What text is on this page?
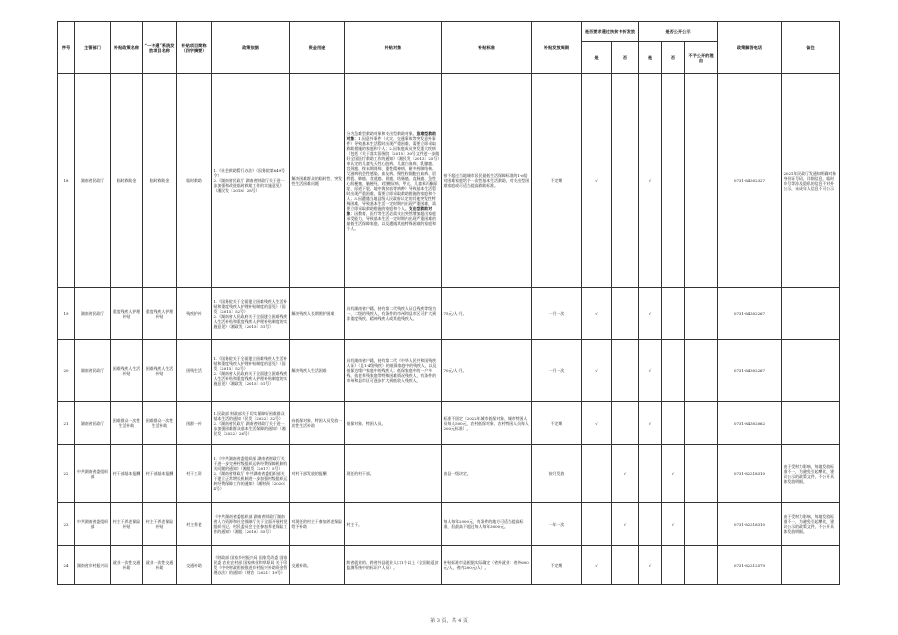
序号	主管部门	补贴政策名称	“一卡通”系统发放项目名称	补贴项目简称（四字摘要）	政策依据	资金用途	补贴对象	补贴标准	补贴发放周期	是否要求通过扶贫卡折发放		是否公开公示			政策解答电话	备注
										是	否	是	否	不予公开的理由		
18	湖南省民政厅	临时救助金	临时救助金	临时救助	1.《社会救助暂行办法》（国务院第649号令）
2.《湖南省民政厅 湖南省财政厅关于进一步加强和改进临时救助工作的实施意见》（湘民发〔2018〕28号）	解决困难群众的临时性、突发性生活困难问题	分为急难型救助对象和支出型救助对象。急难型救助对象：1.因意外事件（火灾、交通事故等突发意外事件）导致基本生活暂时出现严重困难、需要立即采取救助措施的家庭和个人；2.因家庭成员突发重大疾病（包括《关于落实国务院〔2015〕30号文件进一步做好全国医疗救助工作的通知》（湘民发〔2015〕25号）申认定的儿童先天性心脏病、儿童白血病、乳腺癌、宫颈癌、终末期肾病、重性精神病、耐多药肺结核、艾滋病机会性感染、血友病、慢性粒细胞白血病、唇腭裂、肺癌、食道癌、胃癌、结肠癌、直肠癌、急性心肌梗塞、脑梗死、I型糖尿病、甲亢、儿童苯丙酮尿症、尿道下裂、地中海贫血等病种）导致基本生活暂时出现严重困难、需要立即采取救助措施的家庭和个人；3.因遭遇当地县级人民政府认定的其他突发性特殊困难，导致基本生活一定时期内出现严重困难，需要立即采取救助措施的家庭和个人。支出型救助对象：因教育、医疗等生活必需支出突然增加超出家庭承受能力，导致基本生活一定时期内出现严重困难的最低生活保障家庭，以及遭遇其他特殊困难的家庭和个人。	按不超过当地城市居民最低生活保障标准的1-6倍对困难家庭给予一次性基本生活救助，对支出型困难家庭或可适当提高救助标准。	不定期	√		√			0731-84302327	2021年民政厅发通知明确对象身份证号码，详细信息，临时乡号等涉及隐私的信息不对外公示，未成年人信息不可公示
19	湖南省民政厅	重度残疾人护理补贴	重度残疾人护理补贴	残疾护补	1.《国务院关于全面建立困难残疾人生活补贴和重度残疾人护理补贴制度的意见》（国发〔2015〕52号）
2.《湖南省人民政府关于全面建立困难残疾人生活补贴和重度残疾人护理补贴制度的实施意见》（湘政发〔2015〕51号）	解决残疾人长期照护困难	具有湖南省户籍，持有第二代残疾人证且残疾等级为一、二级的残疾人，有条件的市州和县市区可扩大到非重度残疾、精神残疾人或其他残疾人。	75元/人·月。	一月一次	√		√			0731-84302267	
20	湖南省民政厅	困难残疾人生活补贴	困难残疾人生活补贴	困残生活	1.《国务院关于全面建立困难残疾人生活补贴和重度残疾人护理补贴制度的意见》（国发〔2015〕52号）
2.《湖南省人民政府关于全面建立困难残疾人生活补贴和重度残疾人护理补贴制度的实施意见》（湘政发〔2015〕51号）	解决残疾人生活困难	具有湖南省户籍，持有第二代《中华人民共和国残疾人证》（且1-4级残疾）的低保家庭中的残疾人，以及低保边缘户家庭中的残疾人；低保家庭中的一户多残、依老养残家庭等特殊困难情况残疾人，有条件的市州和县市区可逐步扩大到低收入残疾人。	70元/人·月。	一月一次	√		√			0731-84302267	
21	湖南省民政厅	困难群众一次性生活补助	困难群众一次性生活补助	困群一补	1.民政部 财政部关于切实保障好困难群众基本生活的通知（民发〔2022〕32号）
2.《湖南省民政厅 湖南省财政厅关于进一步加强困难群众基本生活保障的通知》（湘民发〔2022〕26号）	向低保对象、特困人员发放一次性生活补助	低保对象、特困人员。	标准不固定（2022年城市低保对象、城市特困人员每人500元，农村低保对象、农村特困人员每人200元标准）。	不定期	√		√			0731-84302062	
22	中共湖南省委组织部	村干部基本报酬	村干部基本报酬	村干工资	1.《中共湖南省委组织部 湖南省财政厅关于进一步完善村级组织运转经费保障机制有关问题的通知》（湘组发〔2017〕5号）
2.《湖南省财政厅 中共湖南省委组织部关于建立正常增长机制进一步加强村级组织运转经费保障工作的通知》（湘财预〔2020〕4号）	对村干部发放的报酬	现任的村干部。	由县一级决定。	按月发放		√		√		0731-82218310	由于受财力影响，每地发放标准不一，为避免引起攀比，建议公示的政策文件，不公开具体发放明细。
23	中共湖南省委组织部	村主干养老保险补贴	村主干养老保险补贴	村主养老	《中共湖南省委组织部 湖南省财政厅湖南省人力资源和社会保障厅关于全面开展村党组织书记、村民委员会主任参加养老保险工作的通知》（湘组〔2018〕55号）	对现任的村主干参加养老保险给予补助	村主干。	每人每年2000元，有条件的地方可适当提高标准，但最高不超过每人每年3000元。	一年一次		√		√		0731-82218310	由于受财力影响，每地发放标准不一，为避免引起攀比，建议公示的政策文件，不公开具体发放明细。
24	湖南省乡村振兴局	就业一次性交通补助	就业一次性交通补助	交通补助	《财政部 国家乡村振兴局 国家发改委 国家民委 农业农村部 国家林业和草原局 关于印发《中央财政衔接推进乡村振兴补助资金管理办法》的通知》（财农〔2021〕19号）	交通补助。	跨省就业的、跨省外县就业人口1个以上（全国防返贫监测系统中的标识户人员）。	补贴标准市县根据实际确定（省外就业：省外600元/人，省内200元/人）。	不定期	√		√			0731-82212579	
第 3 页，共 4 页
